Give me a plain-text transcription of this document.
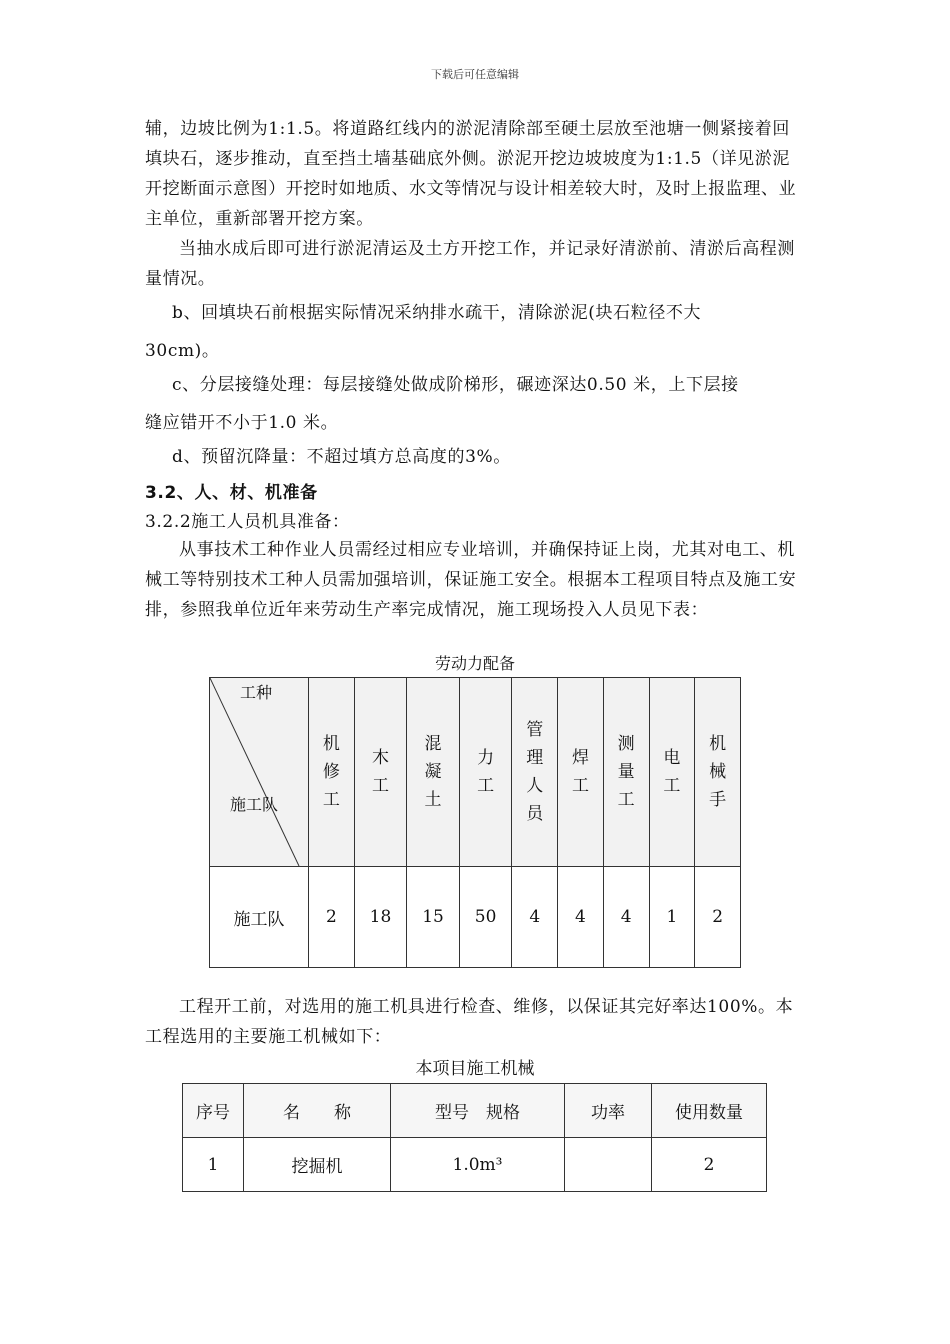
下载后可任意编辑

辅，边坡比例为1:1.5。将道路红线内的淤泥清除部至硬土层放至池塘一侧紧接着回填块石，逐步推动，直至挡土墙基础底外侧。淤泥开挖边坡坡度为1:1.5（详见淤泥开挖断面示意图）开挖时如地质、水文等情况与设计相差较大时，及时上报监理、业主单位，重新部署开挖方案。

当抽水成后即可进行淤泥清运及土方开挖工作，并记录好清淤前、清淤后高程测量情况。

b、回填块石前根据实际情况采纳排水疏干，清除淤泥(块石粒径不大
30cm)。
c、分层接缝处理：每层接缝处做成阶梯形，碾迹深达0.50 米，上下层接
缝应错开不小于1.0 米。
d、预留沉降量：不超过填方总高度的3%。
3.2、人、材、机准备
3.2.2施工人员机具准备：

从事技术工种作业人员需经过相应专业培训，并确保持证上岗，尤其对电工、机械工等特别技术工种人员需加强培训，保证施工安全。根据本工程项目特点及施工安排，参照我单位近年来劳动生产率完成情况，施工现场投入人员见下表：

劳动力配备
工种
施工队	机修工	木工	混凝土	力工	管理人员	焊工	测量工	电工	机械手
施工队	2	18	15	50	4	4	4	1	2

工程开工前，对选用的施工机具进行检查、维修，以保证其完好率达100%。本工程选用的主要施工机械如下：

本项目施工机械
序号	名　　称	型号　规格	功率	使用数量
1	挖掘机	1.0m³		2
